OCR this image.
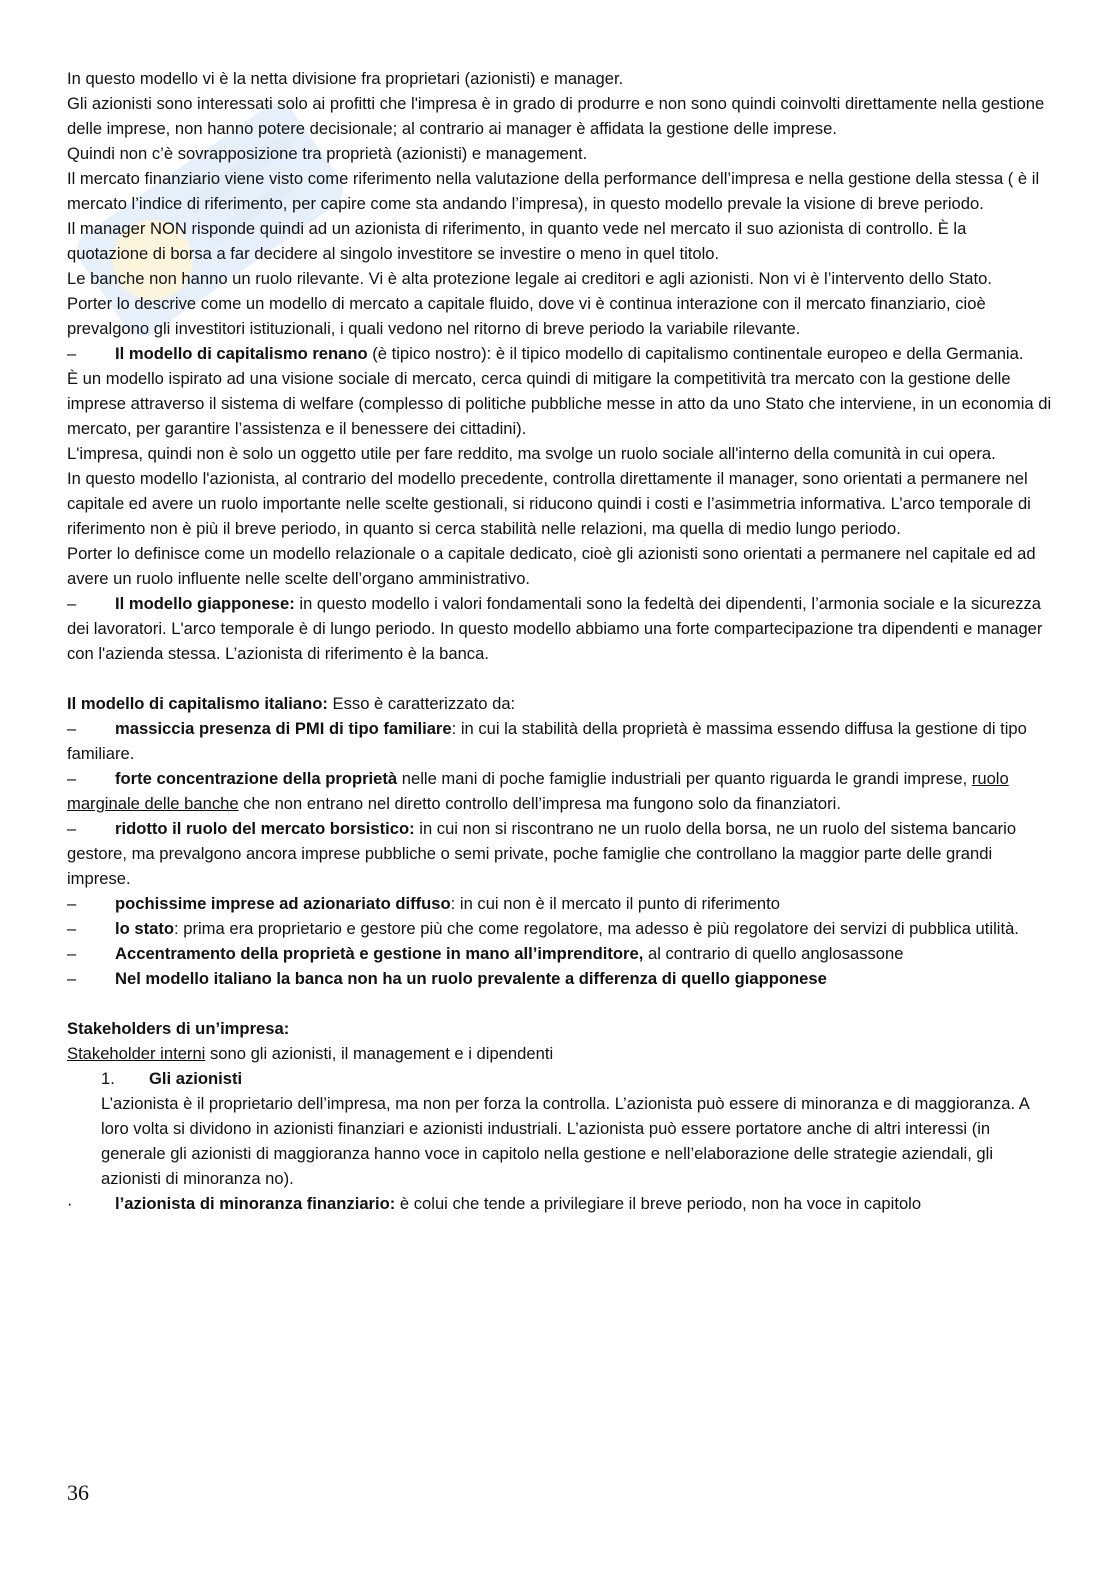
In questo modello vi è la netta divisione fra proprietari (azionisti) e manager.

Gli azionisti sono interessati solo ai profitti che l'impresa è in grado di produrre e non sono quindi coinvolti direttamente nella gestione delle imprese, non hanno potere decisionale; al contrario ai manager è affidata la gestione delle imprese.

Quindi non c’è sovrapposizione tra proprietà (azionisti) e management.

Il mercato finanziario viene visto come riferimento nella valutazione della performance dell’impresa e nella gestione della stessa ( è il mercato l’indice di riferimento, per capire come sta andando l’impresa), in questo modello prevale la visione di breve periodo.

Il manager NON risponde quindi ad un azionista di riferimento, in quanto vede nel mercato il suo azionista di controllo. È la quotazione di borsa a far decidere al singolo investitore se investire o meno in quel titolo.

Le banche non hanno un ruolo rilevante. Vi è alta protezione legale ai creditori e agli azionisti. Non vi è l’intervento dello Stato.

Porter lo descrive come un modello di mercato a capitale fluido, dove vi è continua interazione con il mercato finanziario, cioè prevalgono gli investitori istituzionali, i quali vedono nel ritorno di breve periodo la variabile rilevante.

– Il modello di capitalismo renano (è tipico nostro): è il tipico modello di capitalismo continentale europeo e della Germania.

È un modello ispirato ad una visione sociale di mercato, cerca quindi di mitigare la competitività tra mercato con la gestione delle imprese attraverso il sistema di welfare (complesso di politiche pubbliche messe in atto da uno Stato che interviene, in un economia di mercato, per garantire l’assistenza e il benessere dei cittadini).

L'impresa, quindi non è solo un oggetto utile per fare reddito, ma svolge un ruolo sociale all'interno della comunità in cui opera.

In questo modello l'azionista, al contrario del modello precedente, controlla direttamente il manager, sono orientati a permanere nel capitale ed avere un ruolo importante nelle scelte gestionali, si riducono quindi i costi e l’asimmetria informativa. L’arco temporale di riferimento non è più il breve periodo, in quanto si cerca stabilità nelle relazioni, ma quella di medio lungo periodo.

Porter lo definisce come un modello relazionale o a capitale dedicato, cioè gli azionisti sono orientati a permanere nel capitale ed ad avere un ruolo influente nelle scelte dell’organo amministrativo.

– Il modello giapponese: in questo modello i valori fondamentali sono la fedeltà dei dipendenti, l’armonia sociale e la sicurezza dei lavoratori. L'arco temporale è di lungo periodo. In questo modello abbiamo una forte compartecipazione tra dipendenti e manager con l'azienda stessa. L’azionista di riferimento è la banca.

Il modello di capitalismo italiano: Esso è caratterizzato da:

– massiccia presenza di PMI di tipo familiare: in cui la stabilità della proprietà è massima essendo diffusa la gestione di tipo familiare.

– forte concentrazione della proprietà nelle mani di poche famiglie industriali per quanto riguarda le grandi imprese, ruolo marginale delle banche che non entrano nel diretto controllo dell’impresa ma fungono solo da finanziatori.

– ridotto il ruolo del mercato borsistico: in cui non si riscontrano ne un ruolo della borsa, ne un ruolo del sistema bancario gestore, ma prevalgono ancora imprese pubbliche o semi private, poche famiglie che controllano la maggior parte delle grandi imprese.

– pochissime imprese ad azionariato diffuso: in cui non è il mercato il punto di riferimento

– lo stato: prima era proprietario e gestore più che come regolatore, ma adesso è più regolatore dei servizi di pubblica utilità.

– Accentramento della proprietà e gestione in mano all’imprenditore, al contrario di quello anglosassone

– Nel modello italiano la banca non ha un ruolo prevalente a differenza di quello giapponese

Stakeholders di un’impresa:

Stakeholder interni sono gli azionisti, il management e i dipendenti

1. Gli azionisti

L’azionista è il proprietario dell’impresa, ma non per forza la controlla. L’azionista può essere di minoranza e di maggioranza. A loro volta si dividono in azionisti finanziari e azionisti industriali. L’azionista può essere portatore anche di altri interessi (in generale gli azionisti di maggioranza hanno voce in capitolo nella gestione e nell’elaborazione delle strategie aziendali, gli azionisti di minoranza no).

·	l’azionista di minoranza finanziario: è colui che tende a privilegiare il breve periodo, non ha voce in capitolo

36
